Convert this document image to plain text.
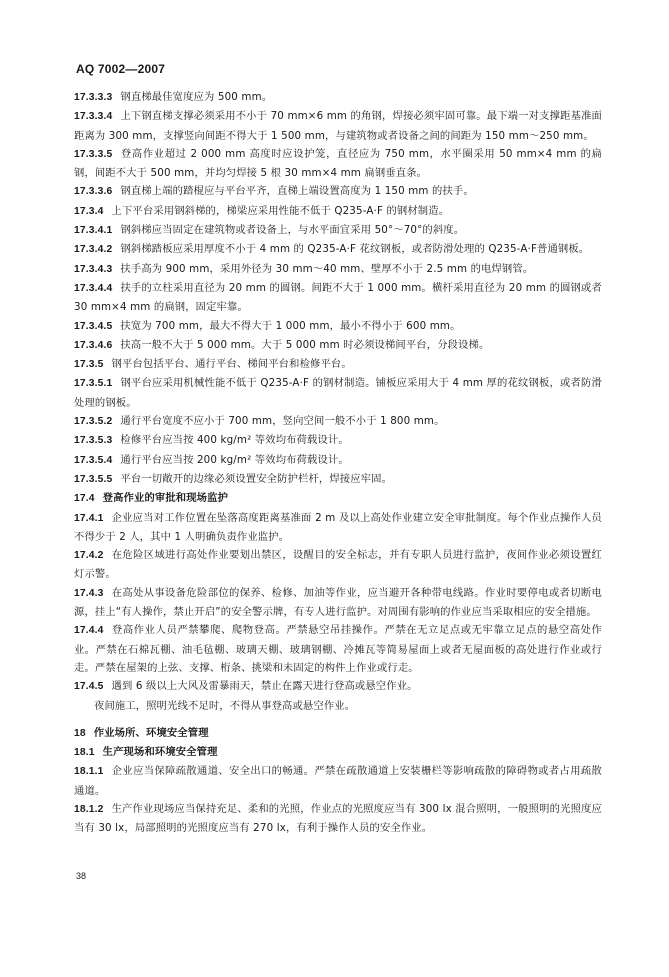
AQ 7002—2007
17.3.3.3 钢直梯最佳宽度应为 500 mm。
17.3.3.4 上下钢直梯支撑必须采用不小于 70 mm×6 mm 的角钢，焊接必须牢固可靠。最下端一对支撑距基准面距离为 300 mm，支撑竖向间距不得大于 1 500 mm，与建筑物或者设备之间的间距为 150 mm～250 mm。
17.3.3.5 登高作业超过 2 000 mm 高度时应设护笼，直径应为 750 mm，水平圈采用 50 mm×4 mm 的扁钢，间距不大于 500 mm，并均匀焊接 5 根 30 mm×4 mm 扁钢垂直条。
17.3.3.6 钢直梯上端的踏棍应与平台平齐，直梯上端设置高度为 1 150 mm 的扶手。
17.3.4 上下平台采用钢斜梯的，梯梁应采用性能不低于 Q235-A·F 的钢材制造。
17.3.4.1 钢斜梯应当固定在建筑物或者设备上，与水平面宜采用 50°～70°的斜度。
17.3.4.2 钢斜梯踏板应采用厚度不小于 4 mm 的 Q235-A·F 花纹钢板，或者防滑处理的 Q235-A·F普通钢板。
17.3.4.3 扶手高为 900 mm，采用外径为 30 mm～40 mm、壁厚不小于 2.5 mm 的电焊钢管。
17.3.4.4 扶手的立柱采用直径为 20 mm 的圆钢。间距不大于 1 000 mm。横杆采用直径为 20 mm 的圆钢或者 30 mm×4 mm 的扁钢，固定牢靠。
17.3.4.5 扶宽为 700 mm，最大不得大于 1 000 mm，最小不得小于 600 mm。
17.3.4.6 扶高一般不大于 5 000 mm。大于 5 000 mm 时必须设梯间平台，分段设梯。
17.3.5 钢平台包括平台、通行平台、梯间平台和检修平台。
17.3.5.1 钢平台应采用机械性能不低于 Q235-A·F 的钢材制造。铺板应采用大于 4 mm 厚的花纹钢板，或者防滑处理的钢板。
17.3.5.2 通行平台宽度不应小于 700 mm，竖向空间一般不小于 1 800 mm。
17.3.5.3 检修平台应当按 400 kg/m² 等效均布荷载设计。
17.3.5.4 通行平台应当按 200 kg/m² 等效均布荷载设计。
17.3.5.5 平台一切敞开的边缘必须设置安全防护栏杆，焊接应牢固。
17.4 登高作业的审批和现场监护
17.4.1 企业应当对工作位置在坠落高度距离基准面 2 m 及以上高处作业建立安全审批制度。每个作业点操作人员不得少于 2 人，其中 1 人明确负责作业监护。
17.4.2 在危险区域进行高处作业要划出禁区，设醒目的安全标志，并有专职人员进行监护，夜间作业必须设置红灯示警。
17.4.3 在高处从事设备危险部位的保养、检修、加油等作业，应当避开各种带电线路。作业时要停电或者切断电源，挂上“有人操作，禁止开启”的安全警示牌，有专人进行监护。对周围有影响的作业应当采取相应的安全措施。
17.4.4 登高作业人员严禁攀爬、爬物登高。严禁悬空吊挂操作。严禁在无立足点或无牢靠立足点的悬空高处作业。严禁在石棉瓦棚、油毛毡棚、玻璃天棚、玻璃钢棚、冷摊瓦等简易屋面上或者无屋面板的高处进行作业或行走。严禁在屋架的上弦、支撑、桁条、挑梁和未固定的构件上作业或行走。
17.4.5 遇到 6 级以上大风及雷暴雨天，禁止在露天进行登高或悬空作业。
夜间施工，照明光线不足时，不得从事登高或悬空作业。
18 作业场所、环境安全管理
18.1 生产现场和环境安全管理
18.1.1 企业应当保障疏散通道、安全出口的畅通。严禁在疏散通道上安装栅栏等影响疏散的障碍物或者占用疏散通道。
18.1.2 生产作业现场应当保持充足、柔和的光照，作业点的光照度应当有 300 lx 混合照明，一般照明的光照度应当有 30 lx，局部照明的光照度应当有 270 lx，有利于操作人员的安全作业。
38
